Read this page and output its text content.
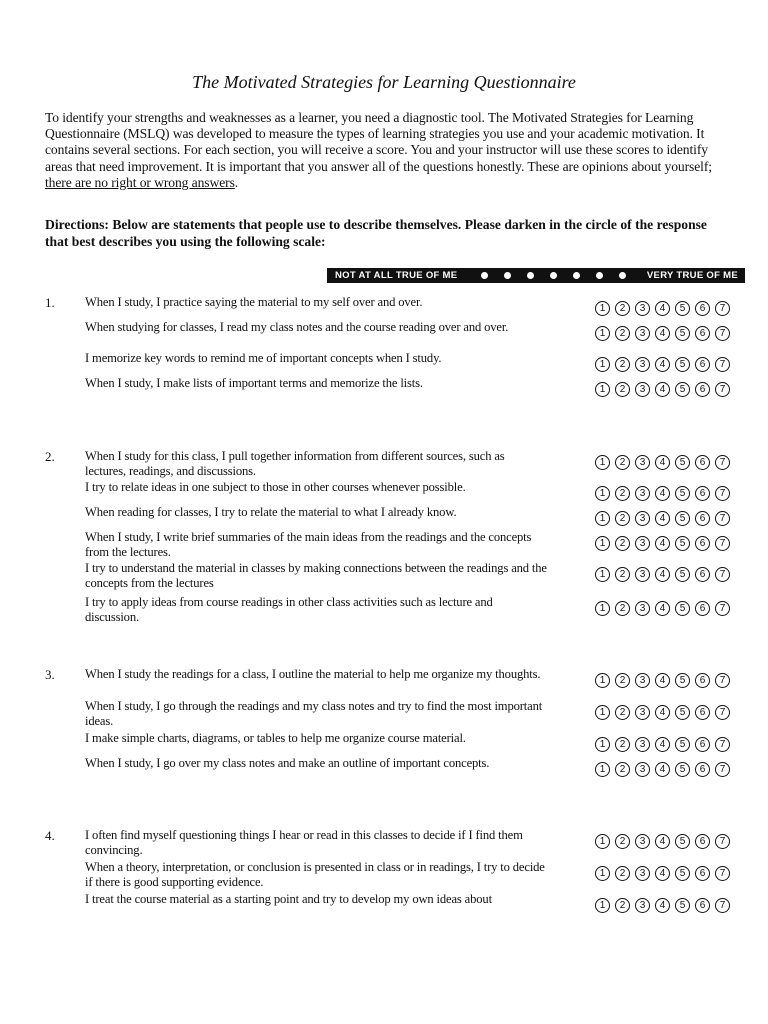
The Motivated Strategies for Learning Questionnaire
To identify your strengths and weaknesses as a learner, you need a diagnostic tool. The Motivated Strategies for Learning Questionnaire (MSLQ) was developed to measure the types of learning strategies you use and your academic motivation. It contains several sections. For each section, you will receive a score. You and your instructor will use these scores to identify areas that need improvement. It is important that you answer all of the questions honestly. These are opinions about yourself; there are no right or wrong answers.
Directions: Below are statements that people use to describe themselves. Please darken in the circle of the response that best describes you using the following scale:
NOT AT ALL TRUE OF ME	VERY TRUE OF ME
1. When I study, I practice saying the material to my self over and over.	1	2	3	4	5	6	7
When studying for classes, I read my class notes and the course reading over and over.	1	2	3	4	5	6	7
I memorize key words to remind me of important concepts when I study.	1	2	3	4	5	6	7
When I study, I make lists of important terms and memorize the lists.	1	2	3	4	5	6	7
2. When I study for this class, I pull together information from different sources, such as lectures, readings, and discussions.
1	2	3	4	5	6	7
I try to relate ideas in one subject to those in other courses whenever possible.	1	2	3	4	5	6	7
When reading for classes, I try to relate the material to what I already know.	1	2	3	4	5	6	7
When I study, I write brief summaries of the main ideas from the readings and the concepts from the lectures.
1	2	3	4	5	6	7
I try to understand the material in classes by making connections between the readings and the concepts from the lectures
1	2	3	4	5	6	7
I try to apply ideas from course readings in other class activities such as lecture and discussion.
1	2	3	4	5	6	7
3. When I study the readings for a class, I outline the material to help me organize my thoughts.	1	2	3	4	5	6	7
When I study, I go through the readings and my class notes and try to find the most important ideas.
1	2	3	4	5	6	7
I make simple charts, diagrams, or tables to help me organize course material.	1	2	3	4	5	6	7
When I study, I go over my class notes and make an outline of important concepts.	1	2	3	4	5	6	7
4. I often find myself questioning things I hear or read in this classes to decide if I find them convincing.
1	2	3	4	5	6	7
When a theory, interpretation, or conclusion is presented in class or in readings, I try to decide if there is good supporting evidence.
1	2	3	4	5	6	7
I treat the course material as a starting point and try to develop my own ideas about	1	2	3	4	5	6	7
